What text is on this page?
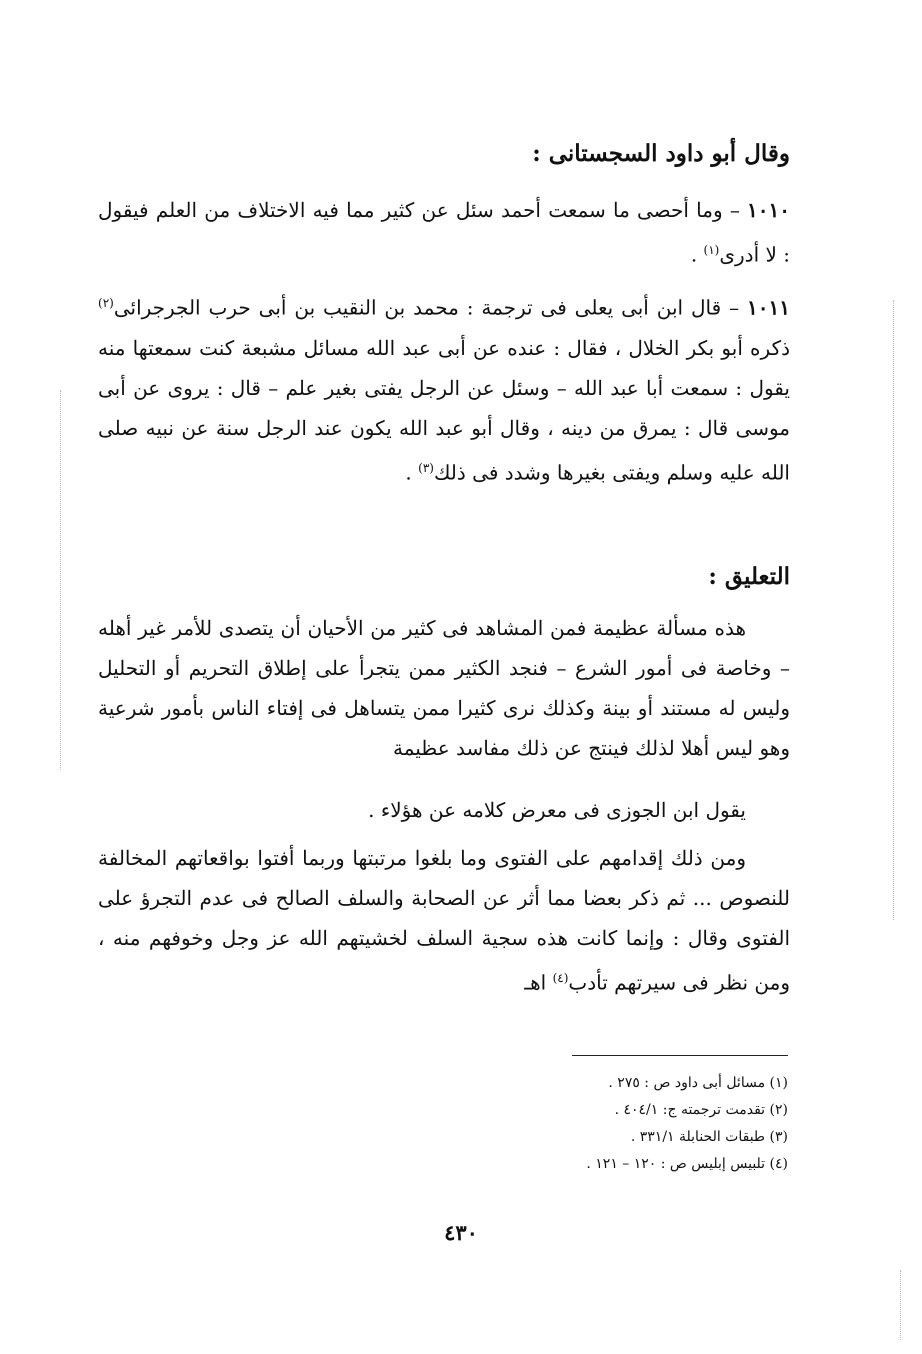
وقال أبو داود السجستانى :
١٠١٠ – وما أحصى ما سمعت أحمد سئل عن كثير مما فيه الاختلاف من العلم فيقول : لا أدرى$^{(١)}$ .
١٠١١ – قال ابن أبى يعلى فى ترجمة : محمد بن النقيب بن أبى حرب الجرجرائى$^{(٢)}$ ذكره أبو بكر الخلال ، فقال : عنده عن أبى عبد الله مسائل مشبعة كنت سمعتها منه يقول : سمعت أبا عبد الله – وسئل عن الرجل يفتى بغير علم – قال : يروى عن أبى موسى قال : يمرق من دينه ، وقال أبو عبد الله يكون عند الرجل سنة عن نبيه صلى الله عليه وسلم ويفتى بغيرها وشدد فى ذلك$^{(٣)}$ .
التعليق :
هذه مسألة عظيمة فمن المشاهد فى كثير من الأحيان أن يتصدى للأمر غير أهله – وخاصة فى أمور الشرع – فنجد الكثير ممن يتجرأ على إطلاق التحريم أو التحليل وليس له مستند أو بينة وكذلك نرى كثيرا ممن يتساهل فى إفتاء الناس بأمور شرعية وهو ليس أهلا لذلك فينتج عن ذلك مفاسد عظيمة
يقول ابن الجوزى فى معرض كلامه عن هؤلاء .
ومن ذلك إقدامهم على الفتوى وما بلغوا مرتبتها وربما أفتوا بواقعاتهم المخالفة للنصوص ... ثم ذكر بعضا مما أثر عن الصحابة والسلف الصالح فى عدم التجرؤ على الفتوى وقال : وإنما كانت هذه سجية السلف لخشيتهم الله عز وجل وخوفهم منه ، ومن نظر فى سيرتهم تأدب$^{(٤)}$ اهـ
(١) مسائل أبى داود ص : ٢٧٥ .
(٢) تقدمت ترجمته ج: ٤٠٤/١ .
(٣) طبقات الحنابلة ٣٣١/١ .
(٤) تلبيس إبليس ص : ١٢٠ – ١٢١ .
٤٣٠
